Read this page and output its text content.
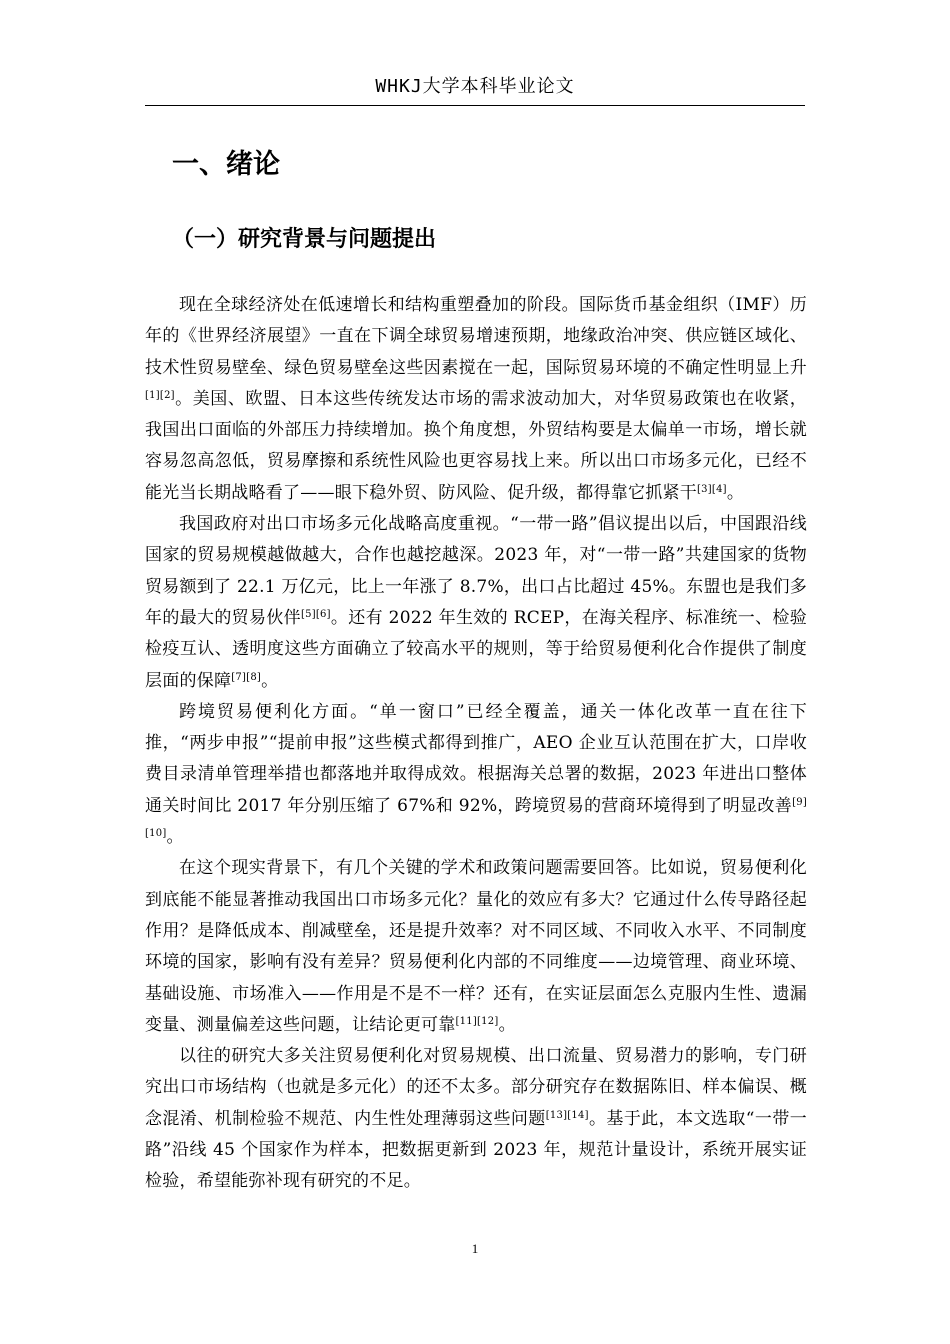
WHKJ大学本科毕业论文
一、绪论
（一）研究背景与问题提出

现在全球经济处在低速增长和结构重塑叠加的阶段。国际货币基金组织（IMF）历年的《世界经济展望》一直在下调全球贸易增速预期，地缘政治冲突、供应链区域化、技术性贸易壁垒、绿色贸易壁垒这些因素搅在一起，国际贸易环境的不确定性明显上升[1][2]。美国、欧盟、日本这些传统发达市场的需求波动加大，对华贸易政策也在收紧，我国出口面临的外部压力持续增加。换个角度想，外贸结构要是太偏单一市场，增长就容易忽高忽低，贸易摩擦和系统性风险也更容易找上来。所以出口市场多元化，已经不能光当长期战略看了——眼下稳外贸、防风险、促升级，都得靠它抓紧干[3][4]。

我国政府对出口市场多元化战略高度重视。“一带一路”倡议提出以后，中国跟沿线国家的贸易规模越做越大，合作也越挖越深。2023 年，对“一带一路”共建国家的货物贸易额到了 22.1 万亿元，比上一年涨了 8.7%，出口占比超过 45%。东盟也是我们多年的最大的贸易伙伴[5][6]。还有 2022 年生效的 RCEP，在海关程序、标准统一、检验检疫互认、透明度这些方面确立了较高水平的规则，等于给贸易便利化合作提供了制度层面的保障[7][8]。

跨境贸易便利化方面。“单一窗口”已经全覆盖，通关一体化改革一直在往下推，“两步申报”“提前申报”这些模式都得到推广，AEO 企业互认范围在扩大，口岸收费目录清单管理举措也都落地并取得成效。根据海关总署的数据，2023 年进出口整体通关时间比 2017 年分别压缩了 67%和 92%，跨境贸易的营商环境得到了明显改善[9][10]。

在这个现实背景下，有几个关键的学术和政策问题需要回答。比如说，贸易便利化到底能不能显著推动我国出口市场多元化？量化的效应有多大？它通过什么传导路径起作用？是降低成本、削减壁垒，还是提升效率？对不同区域、不同收入水平、不同制度环境的国家，影响有没有差异？贸易便利化内部的不同维度——边境管理、商业环境、基础设施、市场准入——作用是不是不一样？还有，在实证层面怎么克服内生性、遗漏变量、测量偏差这些问题，让结论更可靠[11][12]。

以往的研究大多关注贸易便利化对贸易规模、出口流量、贸易潜力的影响，专门研究出口市场结构（也就是多元化）的还不太多。部分研究存在数据陈旧、样本偏误、概念混淆、机制检验不规范、内生性处理薄弱这些问题[13][14]。基于此，本文选取“一带一路”沿线 45 个国家作为样本，把数据更新到 2023 年，规范计量设计，系统开展实证检验，希望能弥补现有研究的不足。

1
